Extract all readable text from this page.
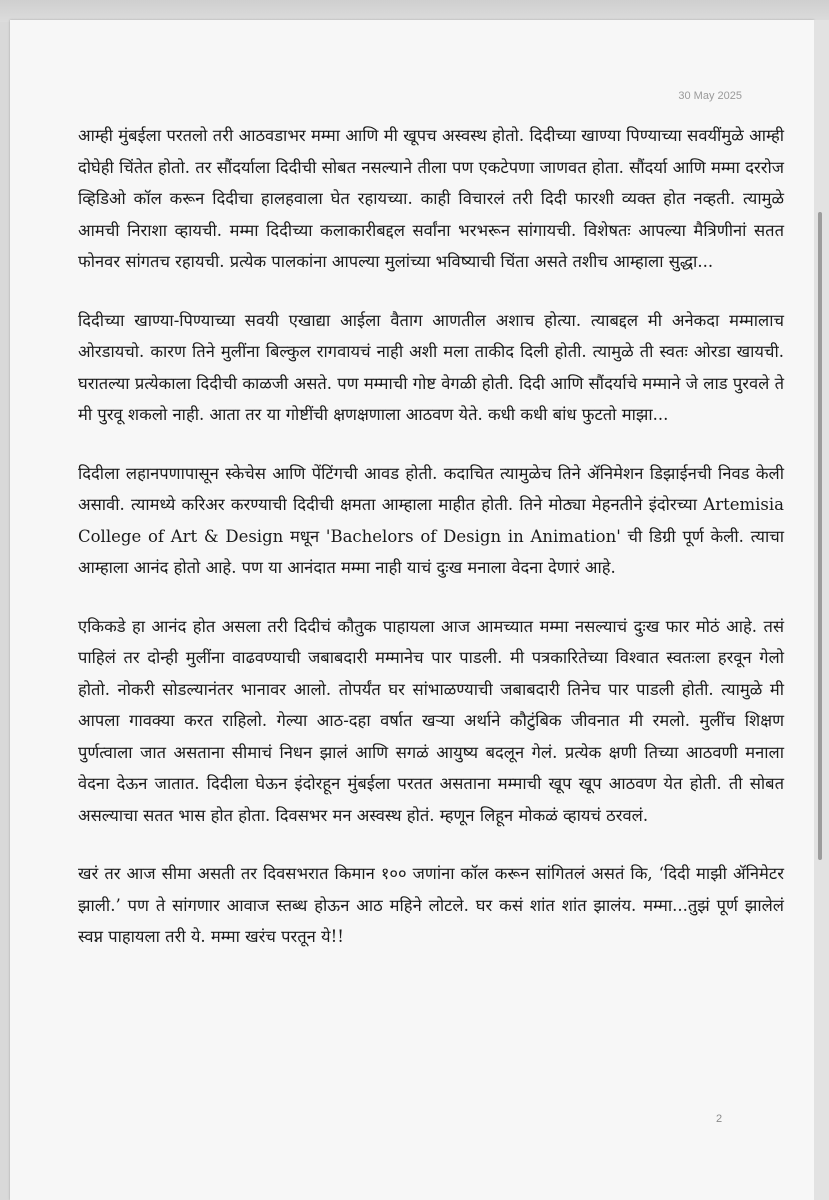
30 May 2025

आम्ही मुंबईला परतलो तरी आठवडाभर मम्मा आणि मी खूपच अस्वस्थ होतो. दिदीच्या खाण्या पिण्याच्या सवयींमुळे आम्ही दोघेही चिंतेत होतो. तर सौंदर्याला दिदीची सोबत नसल्याने तीला पण एकटेपणा जाणवत होता. सौंदर्या आणि मम्मा दररोज व्हिडिओ कॉल करून दिदीचा हालहवाला घेत रहायच्या. काही विचारलं तरी दिदी फारशी व्यक्त होत नव्हती. त्यामुळे आमची निराशा व्हायची. मम्मा दिदीच्या कलाकारीबद्दल सर्वांना भरभरून सांगायची. विशेषतः आपल्या मैत्रिणीनां सतत फोनवर सांगतच रहायची. प्रत्येक पालकांना आपल्या मुलांच्या भविष्याची चिंता असते तशीच आम्हाला सुद्धा...

दिदीच्या खाण्या-पिण्याच्या सवयी एखाद्या आईला वैताग आणतील अशाच होत्या. त्याबद्दल मी अनेकदा मम्मालाच ओरडायचो. कारण तिने मुलींना बिल्कुल रागवायचं नाही अशी मला ताकीद दिली होती. त्यामुळे ती स्वतः ओरडा खायची. घरातल्या प्रत्येकाला दिदीची काळजी असते. पण मम्माची गोष्ट वेगळी होती. दिदी आणि सौंदर्याचे मम्माने जे लाड पुरवले ते मी पुरवू शकलो नाही. आता तर या गोष्टींची क्षणक्षणाला आठवण येते. कधी कधी बांध फुटतो माझा...

दिदीला लहानपणापासून स्केचेस आणि पेंटिंगची आवड होती. कदाचित त्यामुळेच तिने ॲनिमेशन डिझाईनची निवड केली असावी. त्यामध्ये करिअर करण्याची दिदीची क्षमता आम्हाला माहीत होती. तिने मोठ्या मेहनतीने इंदोरच्या Artemisia College of Art & Design मधून 'Bachelors of Design in Animation' ची डिग्री पूर्ण केली. त्याचा आम्हाला आनंद होतो आहे. पण या आनंदात मम्मा नाही याचं दुःख मनाला वेदना देणारं आहे.

एकिकडे हा आनंद होत असला तरी दिदीचं कौतुक पाहायला आज आमच्यात मम्मा नसल्याचं दुःख फार मोठं आहे. तसं पाहिलं तर दोन्ही मुलींना वाढवण्याची जबाबदारी मम्मानेच पार पाडली. मी पत्रकारितेच्या विश्वात स्वतःला हरवून गेलो होतो. नोकरी सोडल्यानंतर भानावर आलो. तोपर्यंत घर सांभाळण्याची जबाबदारी तिनेच पार पाडली होती. त्यामुळे मी आपला गावक्या करत राहिलो. गेल्या आठ-दहा वर्षात खऱ्या अर्थाने कौटुंबिक जीवनात मी रमलो. मुलींच शिक्षण पुर्णत्वाला जात असताना सीमाचं निधन झालं आणि सगळं आयुष्य बदलून गेलं. प्रत्येक क्षणी तिच्या आठवणी मनाला वेदना देऊन जातात. दिदीला घेऊन इंदोरहून मुंबईला परतत असताना मम्माची खूप खूप आठवण येत होती. ती सोबत असल्याचा सतत भास होत होता. दिवसभर मन अस्वस्थ होतं. म्हणून लिहून मोकळं व्हायचं ठरवलं.

खरं तर आज सीमा असती तर दिवसभरात किमान १०० जणांना कॉल करून सांगितलं असतं कि, ‘दिदी माझी ॲनिमेटर झाली.’ पण ते सांगणार आवाज स्तब्ध होऊन आठ महिने लोटले. घर कसं शांत शांत झालंय. मम्मा...तुझं पूर्ण झालेलं स्वप्न पाहायला तरी ये. मम्मा खरंच परतून ये!!

2
